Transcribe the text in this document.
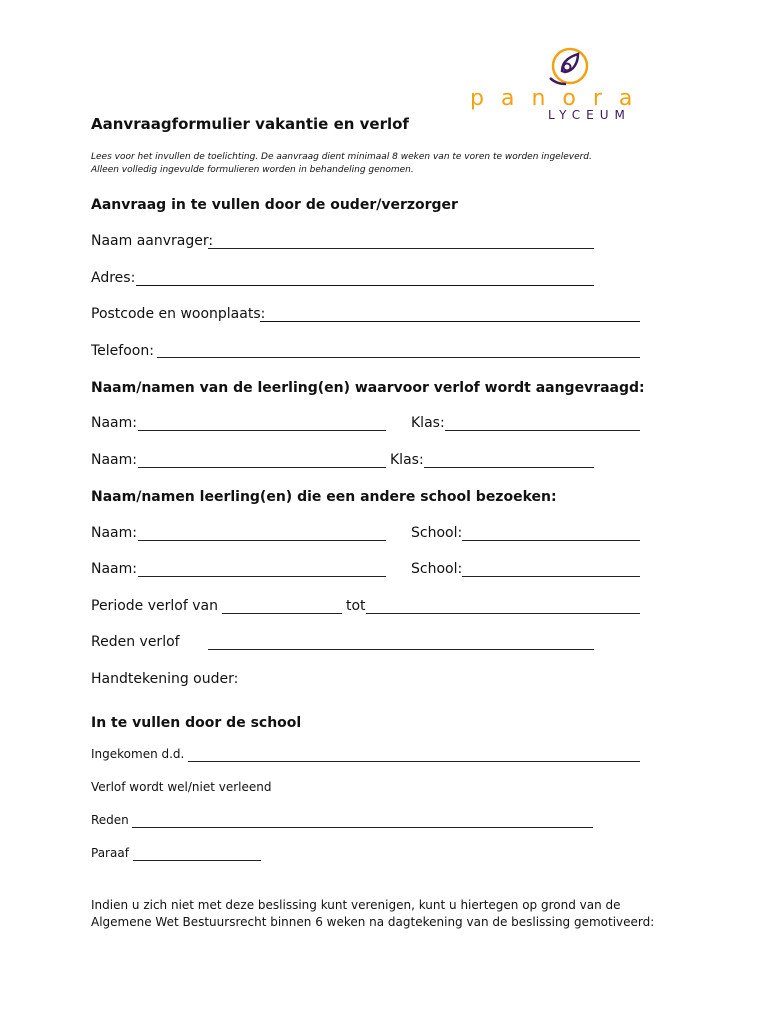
panora
LYCEUM
Aanvraagformulier vakantie en verlof
Lees voor het invullen de toelichting. De aanvraag dient minimaal 8 weken van te voren te worden ingeleverd.
Alleen volledig ingevulde formulieren worden in behandeling genomen.
Aanvraag in te vullen door de ouder/verzorger
Naam aanvrager:
Adres:
Postcode en woonplaats:
Telefoon:
Naam/namen van de leerling(en) waarvoor verlof wordt aangevraagd:
Naam:	Klas:
Naam:	Klas:
Naam/namen leerling(en) die een andere school bezoeken:
Naam:	School:
Naam:	School:
Periode verlof van	tot
Reden verlof
Handtekening ouder:
In te vullen door de school
Ingekomen d.d.
Verlof wordt wel/niet verleend
Reden
Paraaf
Indien u zich niet met deze beslissing kunt verenigen, kunt u hiertegen op grond van de
Algemene Wet Bestuursrecht binnen 6 weken na dagtekening van de beslissing gemotiveerd:
